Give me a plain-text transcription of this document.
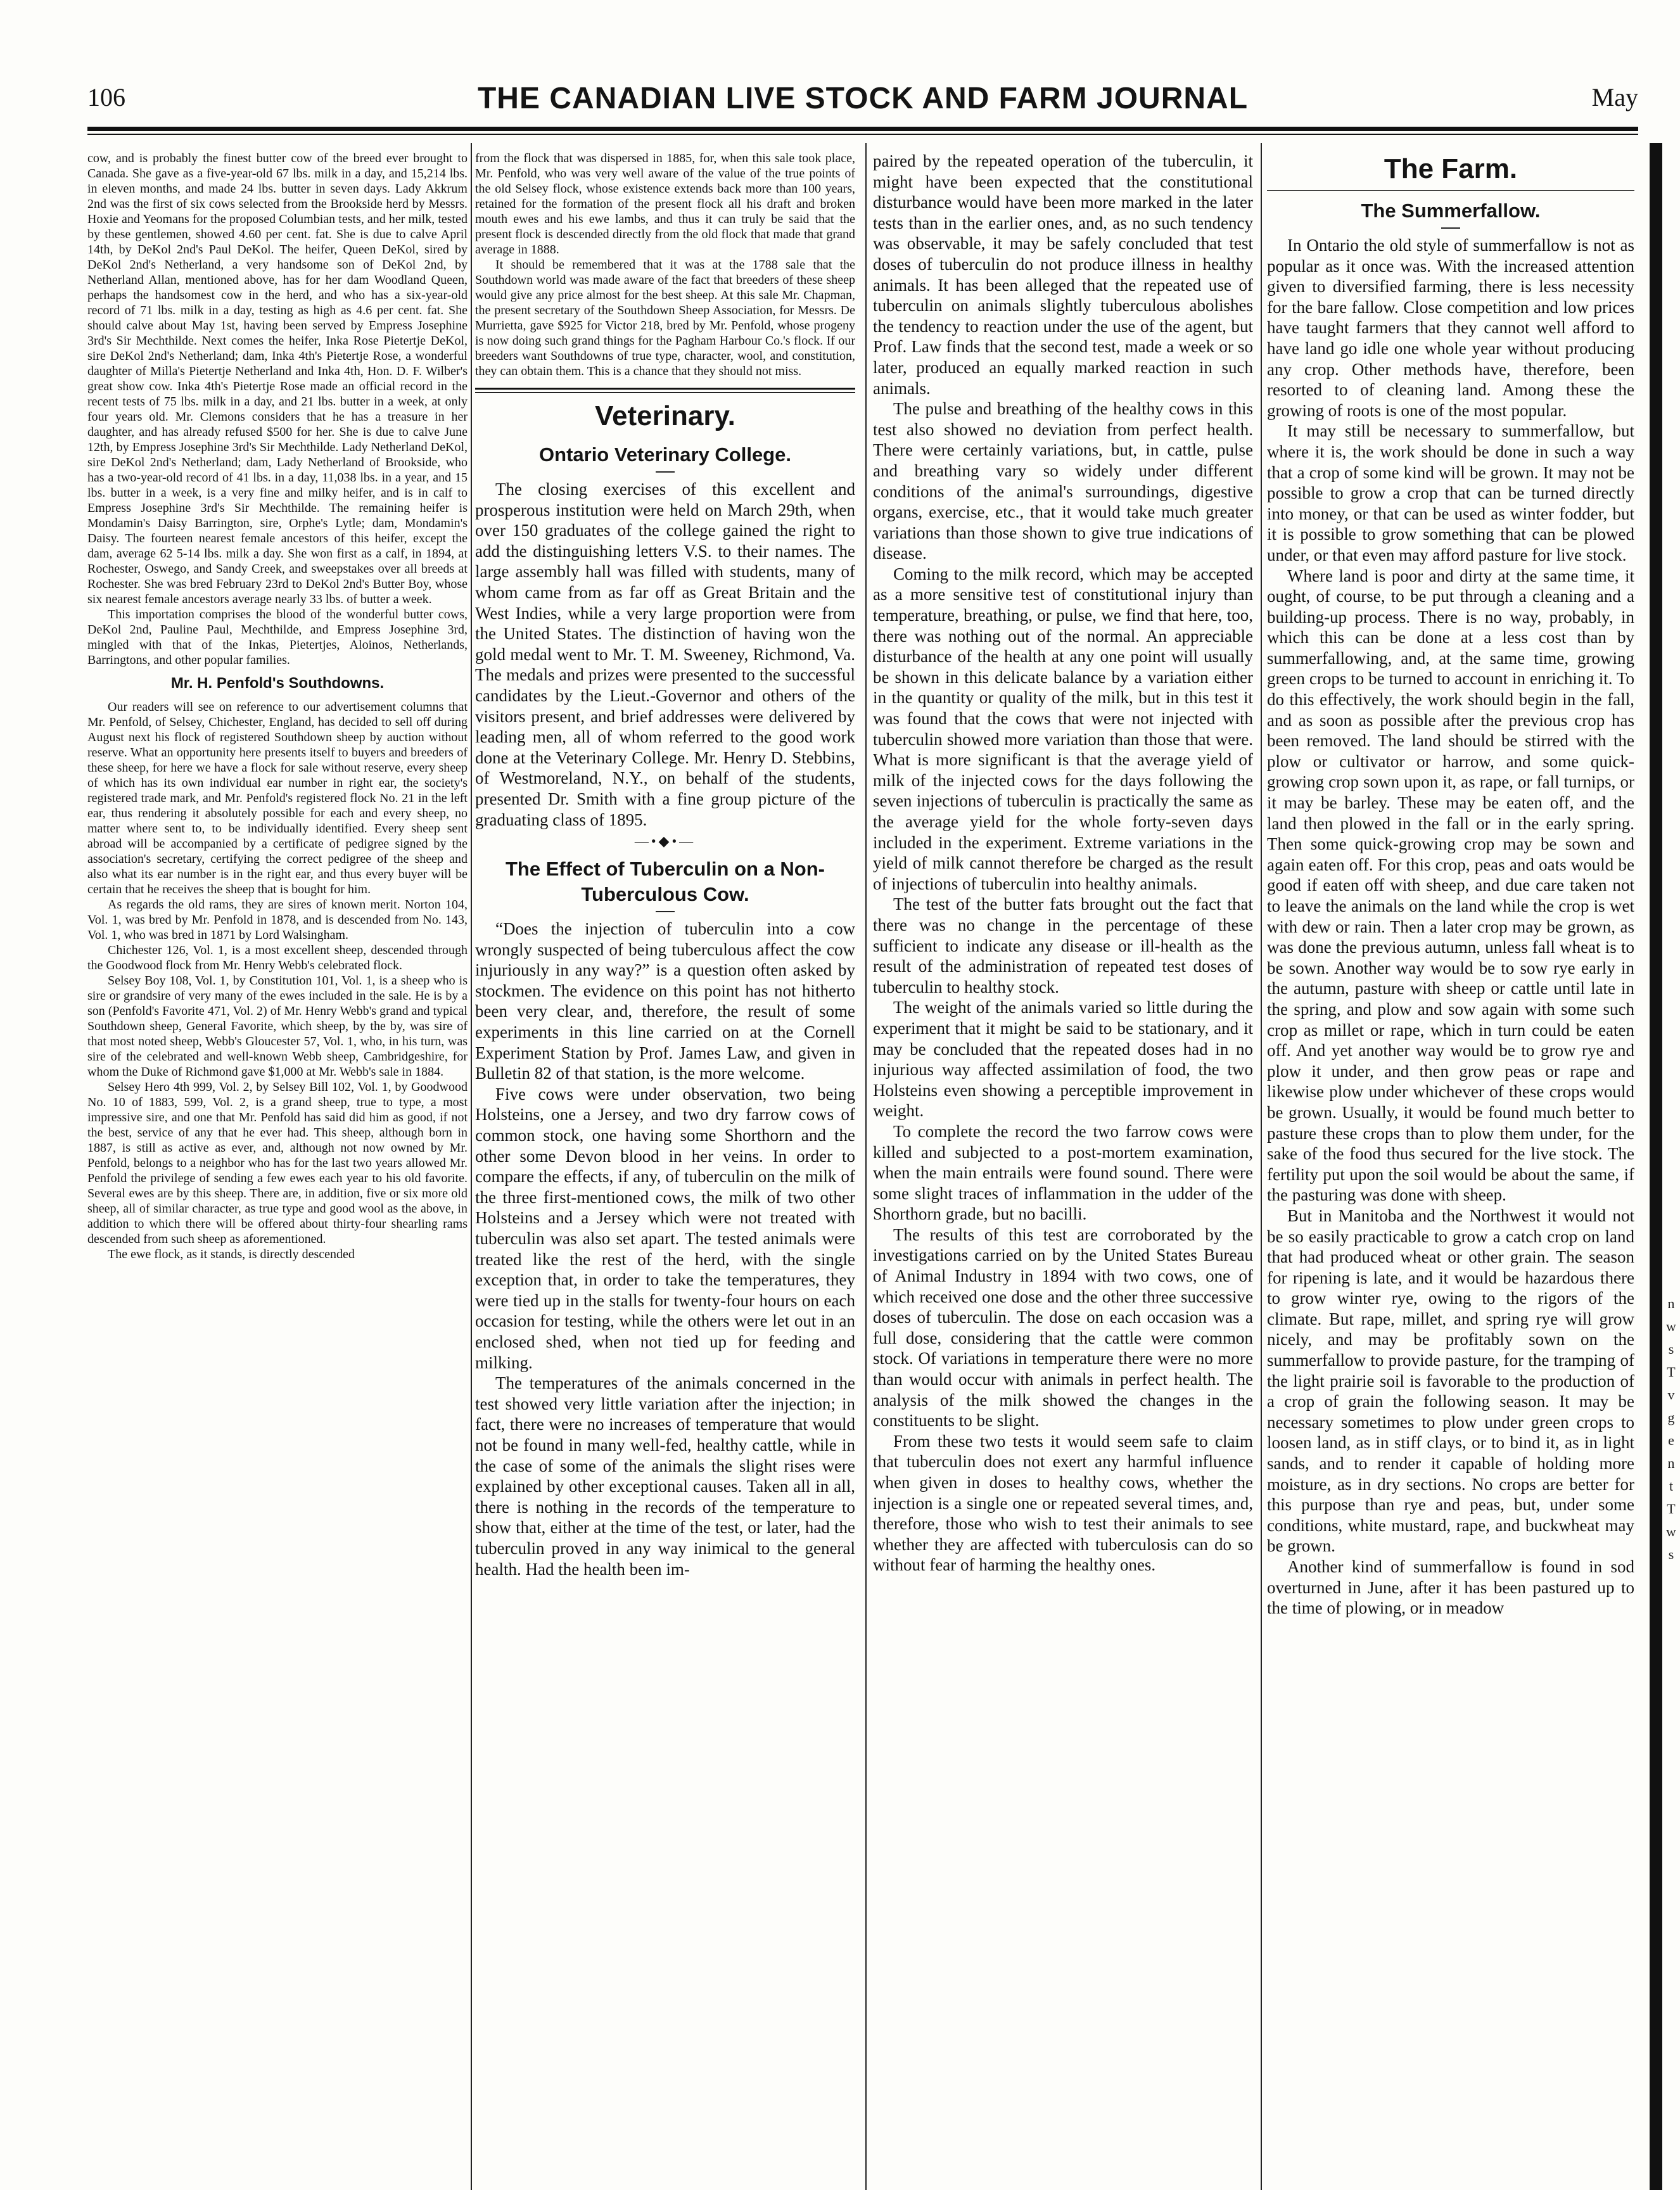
106	THE CANADIAN LIVE STOCK AND FARM JOURNAL	May

cow, and is probably the finest butter cow of the breed ever brought to Canada. She gave as a five-year-old 67 lbs. milk in a day, and 15,214 lbs. in eleven months, and made 24 lbs. butter in seven days. Lady Akkrum 2nd was the first of six cows selected from the Brookside herd by Messrs. Hoxie and Yeomans for the proposed Columbian tests, and her milk, tested by these gentlemen, showed 4.60 per cent. fat. She is due to calve April 14th, by DeKol 2nd's Paul DeKol. The heifer, Queen DeKol, sired by DeKol 2nd's Netherland, a very handsome son of DeKol 2nd, by Netherland Allan, mentioned above, has for her dam Woodland Queen, perhaps the handsomest cow in the herd, and who has a six-year-old record of 71 lbs. milk in a day, testing as high as 4.6 per cent. fat. She should calve about May 1st, having been served by Empress Josephine 3rd's Sir Mechthilde. Next comes the heifer, Inka Rose Pietertje DeKol, sire DeKol 2nd's Netherland; dam, Inka 4th's Pietertje Rose, a wonderful daughter of Milla's Pietertje Netherland and Inka 4th, Hon. D. F. Wilber's great show cow. Inka 4th's Pietertje Rose made an official record in the recent tests of 75 lbs. milk in a day, and 21 lbs. butter in a week, at only four years old. Mr. Clemons considers that he has a treasure in her daughter, and has already refused $500 for her. She is due to calve June 12th, by Empress Josephine 3rd's Sir Mechthilde. Lady Netherland DeKol, sire DeKol 2nd's Netherland; dam, Lady Netherland of Brookside, who has a two-year-old record of 41 lbs. in a day, 11,038 lbs. in a year, and 15 lbs. butter in a week, is a very fine and milky heifer, and is in calf to Empress Josephine 3rd's Sir Mechthilde. The remaining heifer is Mondamin's Daisy Barrington, sire, Orphe's Lytle; dam, Mondamin's Daisy. The fourteen nearest female ancestors of this heifer, except the dam, average 62 5-14 lbs. milk a day. She won first as a calf, in 1894, at Rochester, Oswego, and Sandy Creek, and sweepstakes over all breeds at Rochester. She was bred February 23rd to DeKol 2nd's Butter Boy, whose six nearest female ancestors average nearly 33 lbs. of butter a week.

This importation comprises the blood of the wonderful butter cows, DeKol 2nd, Pauline Paul, Mechthilde, and Empress Josephine 3rd, mingled with that of the Inkas, Pietertjes, Aloinos, Netherlands, Barringtons, and other popular families.

Mr. H. Penfold's Southdowns.

Our readers will see on reference to our advertisement columns that Mr. Penfold, of Selsey, Chichester, England, has decided to sell off during August next his flock of registered Southdown sheep by auction without reserve. What an opportunity here presents itself to buyers and breeders of these sheep, for here we have a flock for sale without reserve, every sheep of which has its own individual ear number in right ear, the society's registered trade mark, and Mr. Penfold's registered flock No. 21 in the left ear, thus rendering it absolutely possible for each and every sheep, no matter where sent to, to be individually identified. Every sheep sent abroad will be accompanied by a certificate of pedigree signed by the association's secretary, certifying the correct pedigree of the sheep and also what its ear number is in the right ear, and thus every buyer will be certain that he receives the sheep that is bought for him.

As regards the old rams, they are sires of known merit. Norton 104, Vol. 1, was bred by Mr. Penfold in 1878, and is descended from No. 143, Vol. 1, who was bred in 1871 by Lord Walsingham.

Chichester 126, Vol. 1, is a most excellent sheep, descended through the Goodwood flock from Mr. Henry Webb's celebrated flock.

Selsey Boy 108, Vol. 1, by Constitution 101, Vol. 1, is a sheep who is sire or grandsire of very many of the ewes included in the sale. He is by a son (Penfold's Favorite 471, Vol. 2) of Mr. Henry Webb's grand and typical Southdown sheep, General Favorite, which sheep, by the by, was sire of that most noted sheep, Webb's Gloucester 57, Vol. 1, who, in his turn, was sire of the celebrated and well-known Webb sheep, Cambridgeshire, for whom the Duke of Richmond gave $1,000 at Mr. Webb's sale in 1884.

Selsey Hero 4th 999, Vol. 2, by Selsey Bill 102, Vol. 1, by Goodwood No. 10 of 1883, 599, Vol. 2, is a grand sheep, true to type, a most impressive sire, and one that Mr. Penfold has said did him as good, if not the best, service of any that he ever had. This sheep, although born in 1887, is still as active as ever, and, although not now owned by Mr. Penfold, belongs to a neighbor who has for the last two years allowed Mr. Penfold the privilege of sending a few ewes each year to his old favorite. Several ewes are by this sheep. There are, in addition, five or six more old sheep, all of similar character, as true type and good wool as the above, in addition to which there will be offered about thirty-four shearling rams descended from such sheep as aforementioned.

The ewe flock, as it stands, is directly descended

from the flock that was dispersed in 1885, for, when this sale took place, Mr. Penfold, who was very well aware of the value of the true points of the old Selsey flock, whose existence extends back more than 100 years, retained for the formation of the present flock all his draft and broken mouth ewes and his ewe lambs, and thus it can truly be said that the present flock is descended directly from the old flock that made that grand average in 1888.

It should be remembered that it was at the 1788 sale that the Southdown world was made aware of the fact that breeders of these sheep would give any price almost for the best sheep. At this sale Mr. Chapman, the present secretary of the Southdown Sheep Association, for Messrs. De Murrietta, gave $925 for Victor 218, bred by Mr. Penfold, whose progeny is now doing such grand things for the Pagham Harbour Co.'s flock. If our breeders want Southdowns of true type, character, wool, and constitution, they can obtain them. This is a chance that they should not miss.

Veterinary.
Ontario Veterinary College.

The closing exercises of this excellent and prosperous institution were held on March 29th, when over 150 graduates of the college gained the right to add the distinguishing letters V.S. to their names. The large assembly hall was filled with students, many of whom came from as far off as Great Britain and the West Indies, while a very large proportion were from the United States. The distinction of having won the gold medal went to Mr. T. M. Sweeney, Richmond, Va. The medals and prizes were presented to the successful candidates by the Lieut.-Governor and others of the visitors present, and brief addresses were delivered by leading men, all of whom referred to the good work done at the Veterinary College. Mr. Henry D. Stebbins, of Westmoreland, N.Y., on behalf of the students, presented Dr. Smith with a fine group picture of the graduating class of 1895.

—•◆•—
The Effect of Tuberculin on a Non-Tuberculous Cow.

“Does the injection of tuberculin into a cow wrongly suspected of being tuberculous affect the cow injuriously in any way?” is a question often asked by stockmen. The evidence on this point has not hitherto been very clear, and, therefore, the result of some experiments in this line carried on at the Cornell Experiment Station by Prof. James Law, and given in Bulletin 82 of that station, is the more welcome.

Five cows were under observation, two being Holsteins, one a Jersey, and two dry farrow cows of common stock, one having some Shorthorn and the other some Devon blood in her veins. In order to compare the effects, if any, of tuberculin on the milk of the three first-mentioned cows, the milk of two other Holsteins and a Jersey which were not treated with tuberculin was also set apart. The tested animals were treated like the rest of the herd, with the single exception that, in order to take the temperatures, they were tied up in the stalls for twenty-four hours on each occasion for testing, while the others were let out in an enclosed shed, when not tied up for feeding and milking.

The temperatures of the animals concerned in the test showed very little variation after the injection; in fact, there were no increases of temperature that would not be found in many well-fed, healthy cattle, while in the case of some of the animals the slight rises were explained by other exceptional causes. Taken all in all, there is nothing in the records of the temperature to show that, either at the time of the test, or later, had the tuberculin proved in any way inimical to the general health. Had the health been im-

paired by the repeated operation of the tuberculin, it might have been expected that the constitutional disturbance would have been more marked in the later tests than in the earlier ones, and, as no such tendency was observable, it may be safely concluded that test doses of tuberculin do not produce illness in healthy animals. It has been alleged that the repeated use of tuberculin on animals slightly tuberculous abolishes the tendency to reaction under the use of the agent, but Prof. Law finds that the second test, made a week or so later, produced an equally marked reaction in such animals.

The pulse and breathing of the healthy cows in this test also showed no deviation from perfect health. There were certainly variations, but, in cattle, pulse and breathing vary so widely under different conditions of the animal's surroundings, digestive organs, exercise, etc., that it would take much greater variations than those shown to give true indications of disease.

Coming to the milk record, which may be accepted as a more sensitive test of constitutional injury than temperature, breathing, or pulse, we find that here, too, there was nothing out of the normal. An appreciable disturbance of the health at any one point will usually be shown in this delicate balance by a variation either in the quantity or quality of the milk, but in this test it was found that the cows that were not injected with tuberculin showed more variation than those that were. What is more significant is that the average yield of milk of the injected cows for the days following the seven injections of tuberculin is practically the same as the average yield for the whole forty-seven days included in the experiment. Extreme variations in the yield of milk cannot therefore be charged as the result of injections of tuberculin into healthy animals.

The test of the butter fats brought out the fact that there was no change in the percentage of these sufficient to indicate any disease or ill-health as the result of the administration of repeated test doses of tuberculin to healthy stock.

The weight of the animals varied so little during the experiment that it might be said to be stationary, and it may be concluded that the repeated doses had in no injurious way affected assimilation of food, the two Holsteins even showing a perceptible improvement in weight.

To complete the record the two farrow cows were killed and subjected to a post-mortem examination, when the main entrails were found sound. There were some slight traces of inflammation in the udder of the Shorthorn grade, but no bacilli.

The results of this test are corroborated by the investigations carried on by the United States Bureau of Animal Industry in 1894 with two cows, one of which received one dose and the other three successive doses of tuberculin. The dose on each occasion was a full dose, considering that the cattle were common stock. Of variations in temperature there were no more than would occur with animals in perfect health. The analysis of the milk showed the changes in the constituents to be slight.

From these two tests it would seem safe to claim that tuberculin does not exert any harmful influence when given in doses to healthy cows, whether the injection is a single one or repeated several times, and, therefore, those who wish to test their animals to see whether they are affected with tuberculosis can do so without fear of harming the healthy ones.

The Farm.
The Summerfallow.

In Ontario the old style of summerfallow is not as popular as it once was. With the increased attention given to diversified farming, there is less necessity for the bare fallow. Close competition and low prices have taught farmers that they cannot well afford to have land go idle one whole year without producing any crop. Other methods have, therefore, been resorted to of cleaning land. Among these the growing of roots is one of the most popular.

It may still be necessary to summerfallow, but where it is, the work should be done in such a way that a crop of some kind will be grown. It may not be possible to grow a crop that can be turned directly into money, or that can be used as winter fodder, but it is possible to grow something that can be plowed under, or that even may afford pasture for live stock.

Where land is poor and dirty at the same time, it ought, of course, to be put through a cleaning and a building-up process. There is no way, probably, in which this can be done at a less cost than by summerfallowing, and, at the same time, growing green crops to be turned to account in enriching it. To do this effectively, the work should begin in the fall, and as soon as possible after the previous crop has been removed. The land should be stirred with the plow or cultivator or harrow, and some quick-growing crop sown upon it, as rape, or fall turnips, or it may be barley. These may be eaten off, and the land then plowed in the fall or in the early spring. Then some quick-growing crop may be sown and again eaten off. For this crop, peas and oats would be good if eaten off with sheep, and due care taken not to leave the animals on the land while the crop is wet with dew or rain. Then a later crop may be grown, as was done the previous autumn, unless fall wheat is to be sown. Another way would be to sow rye early in the autumn, pasture with sheep or cattle until late in the spring, and plow and sow again with some such crop as millet or rape, which in turn could be eaten off. And yet another way would be to grow rye and plow it under, and then grow peas or rape and likewise plow under whichever of these crops would be grown. Usually, it would be found much better to pasture these crops than to plow them under, for the sake of the food thus secured for the live stock. The fertility put upon the soil would be about the same, if the pasturing was done with sheep.

But in Manitoba and the Northwest it would not be so easily practicable to grow a catch crop on land that had produced wheat or other grain. The season for ripening is late, and it would be hazardous there to grow winter rye, owing to the rigors of the climate. But rape, millet, and spring rye will grow nicely, and may be profitably sown on the summerfallow to provide pasture, for the tramping of the light prairie soil is favorable to the production of a crop of grain the following season. It may be necessary sometimes to plow under green crops to loosen land, as in stiff clays, or to bind it, as in light sands, and to render it capable of holding more moisture, as in dry sections. No crops are better for this purpose than rye and peas, but, under some conditions, white mustard, rape, and buckwheat may be grown.

Another kind of summerfallow is found in sod overturned in June, after it has been pastured up to the time of plowing, or in meadow

n
w
s
T
v
g
e
n
t
T
w
s
